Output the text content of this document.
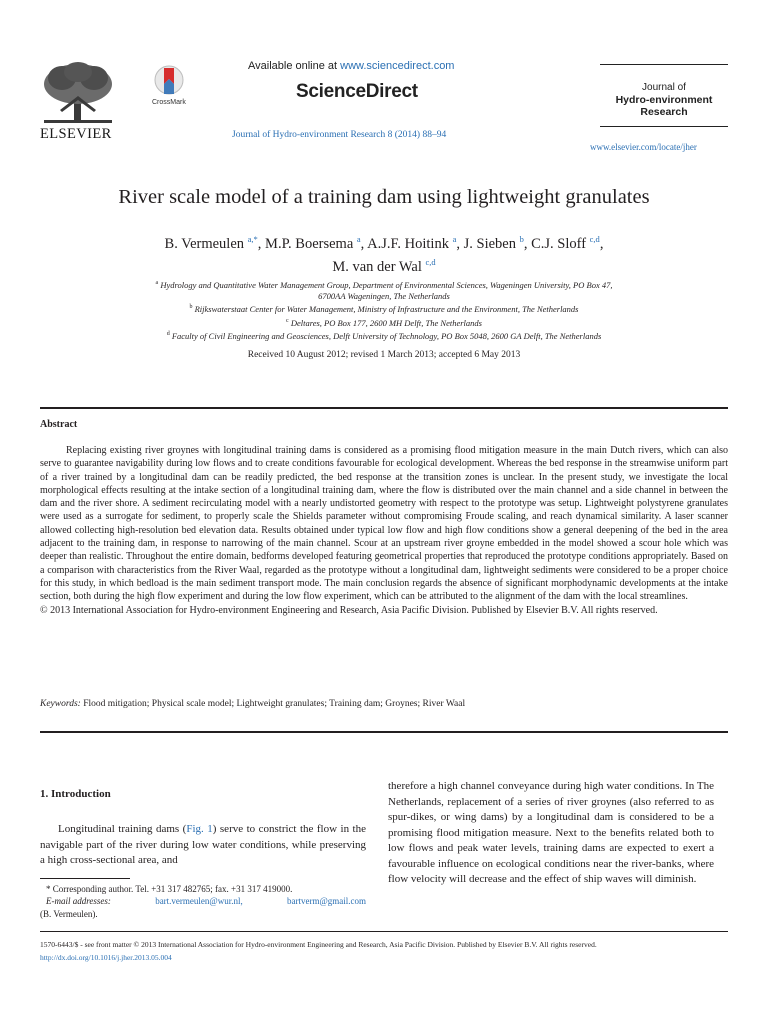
ELSEVIER
CrossMark
Available online at www.sciencedirect.com
ScienceDirect
Journal of Hydro-environment Research 8 (2014) 88–94
Journal of
Hydro-environment
Research
www.elsevier.com/locate/jher
River scale model of a training dam using lightweight granulates
B. Vermeulen $^{a,*}$, M.P. Boersema $^a$, A.J.F. Hoitink $^a$, J. Sieben $^b$, C.J. Sloff $^{c,d}$,
M. van der Wal $^{c,d}$
$^a$ Hydrology and Quantitative Water Management Group, Department of Environmental Sciences, Wageningen University, PO Box 47,
6700AA Wageningen, The Netherlands
$^b$ Rijkswaterstaat Center for Water Management, Ministry of Infrastructure and the Environment, The Netherlands
$^c$ Deltares, PO Box 177, 2600 MH Delft, The Netherlands
$^d$ Faculty of Civil Engineering and Geosciences, Delft University of Technology, PO Box 5048, 2600 GA Delft, The Netherlands
Received 10 August 2012; revised 1 March 2013; accepted 6 May 2013
Abstract

Replacing existing river groynes with longitudinal training dams is considered as a promising flood mitigation measure in the main Dutch rivers, which can also serve to guarantee navigability during low flows and to create conditions favourable for ecological development. Whereas the bed response in the streamwise uniform part of a river trained by a longitudinal dam can be readily predicted, the bed response at the transition zones is unclear. In the present study, we investigate the local morphological effects resulting at the intake section of a longitudinal training dam, where the flow is distributed over the main channel and a side channel in between the dam and the river shore. A sediment recirculating model with a nearly undistorted geometry with respect to the prototype was setup. Lightweight polystyrene granulates were used as a surrogate for sediment, to properly scale the Shields parameter without compromising Froude scaling, and reach dynamical similarity. A laser scanner allowed collecting high-resolution bed elevation data. Results obtained under typical low flow and high flow conditions show a general deepening of the bed in the area adjacent to the training dam, in response to narrowing of the main channel. Scour at an upstream river groyne embedded in the model showed a scour hole which was deeper than realistic. Throughout the entire domain, bedforms developed featuring geometrical properties that reproduced the prototype conditions appropriately. Based on a comparison with characteristics from the River Waal, regarded as the prototype without a longitudinal dam, lightweight sediments were considered to be a proper choice for this study, in which bedload is the main sediment transport mode. The main conclusion regards the absence of significant morphodynamic developments at the intake section, both during the high flow experiment and during the low flow experiment, which can be attributed to the alignment of the dam with the local streamlines.

© 2013 International Association for Hydro-environment Engineering and Research, Asia Pacific Division. Published by Elsevier B.V. All rights reserved.

Keywords: Flood mitigation; Physical scale model; Lightweight granulates; Training dam; Groynes; River Waal
1. Introduction
Longitudinal training dams (Fig. 1) serve to constrict the flow in the navigable part of the river during low water conditions, while preserving a high cross-sectional area, and
therefore a high channel conveyance during high water conditions. In The Netherlands, replacement of a series of river groynes (also referred to as spur-dikes, or wing dams) by a longitudinal dam is considered to be a promising flood mitigation measure. Next to the benefits related both to low flows and peak water levels, training dams are expected to exert a favourable influence on ecological conditions near the river-banks, where flow velocity will decrease and the effect of ship waves will diminish.
* Corresponding author. Tel. +31 317 482765; fax. +31 317 419000.
E-mail addresses:	bart.vermeulen@wur.nl,	bartverm@gmail.com
(B. Vermeulen).
1570-6443/$ - see front matter © 2013 International Association for Hydro-environment Engineering and Research, Asia Pacific Division. Published by Elsevier B.V. All rights reserved.
http://dx.doi.org/10.1016/j.jher.2013.05.004
